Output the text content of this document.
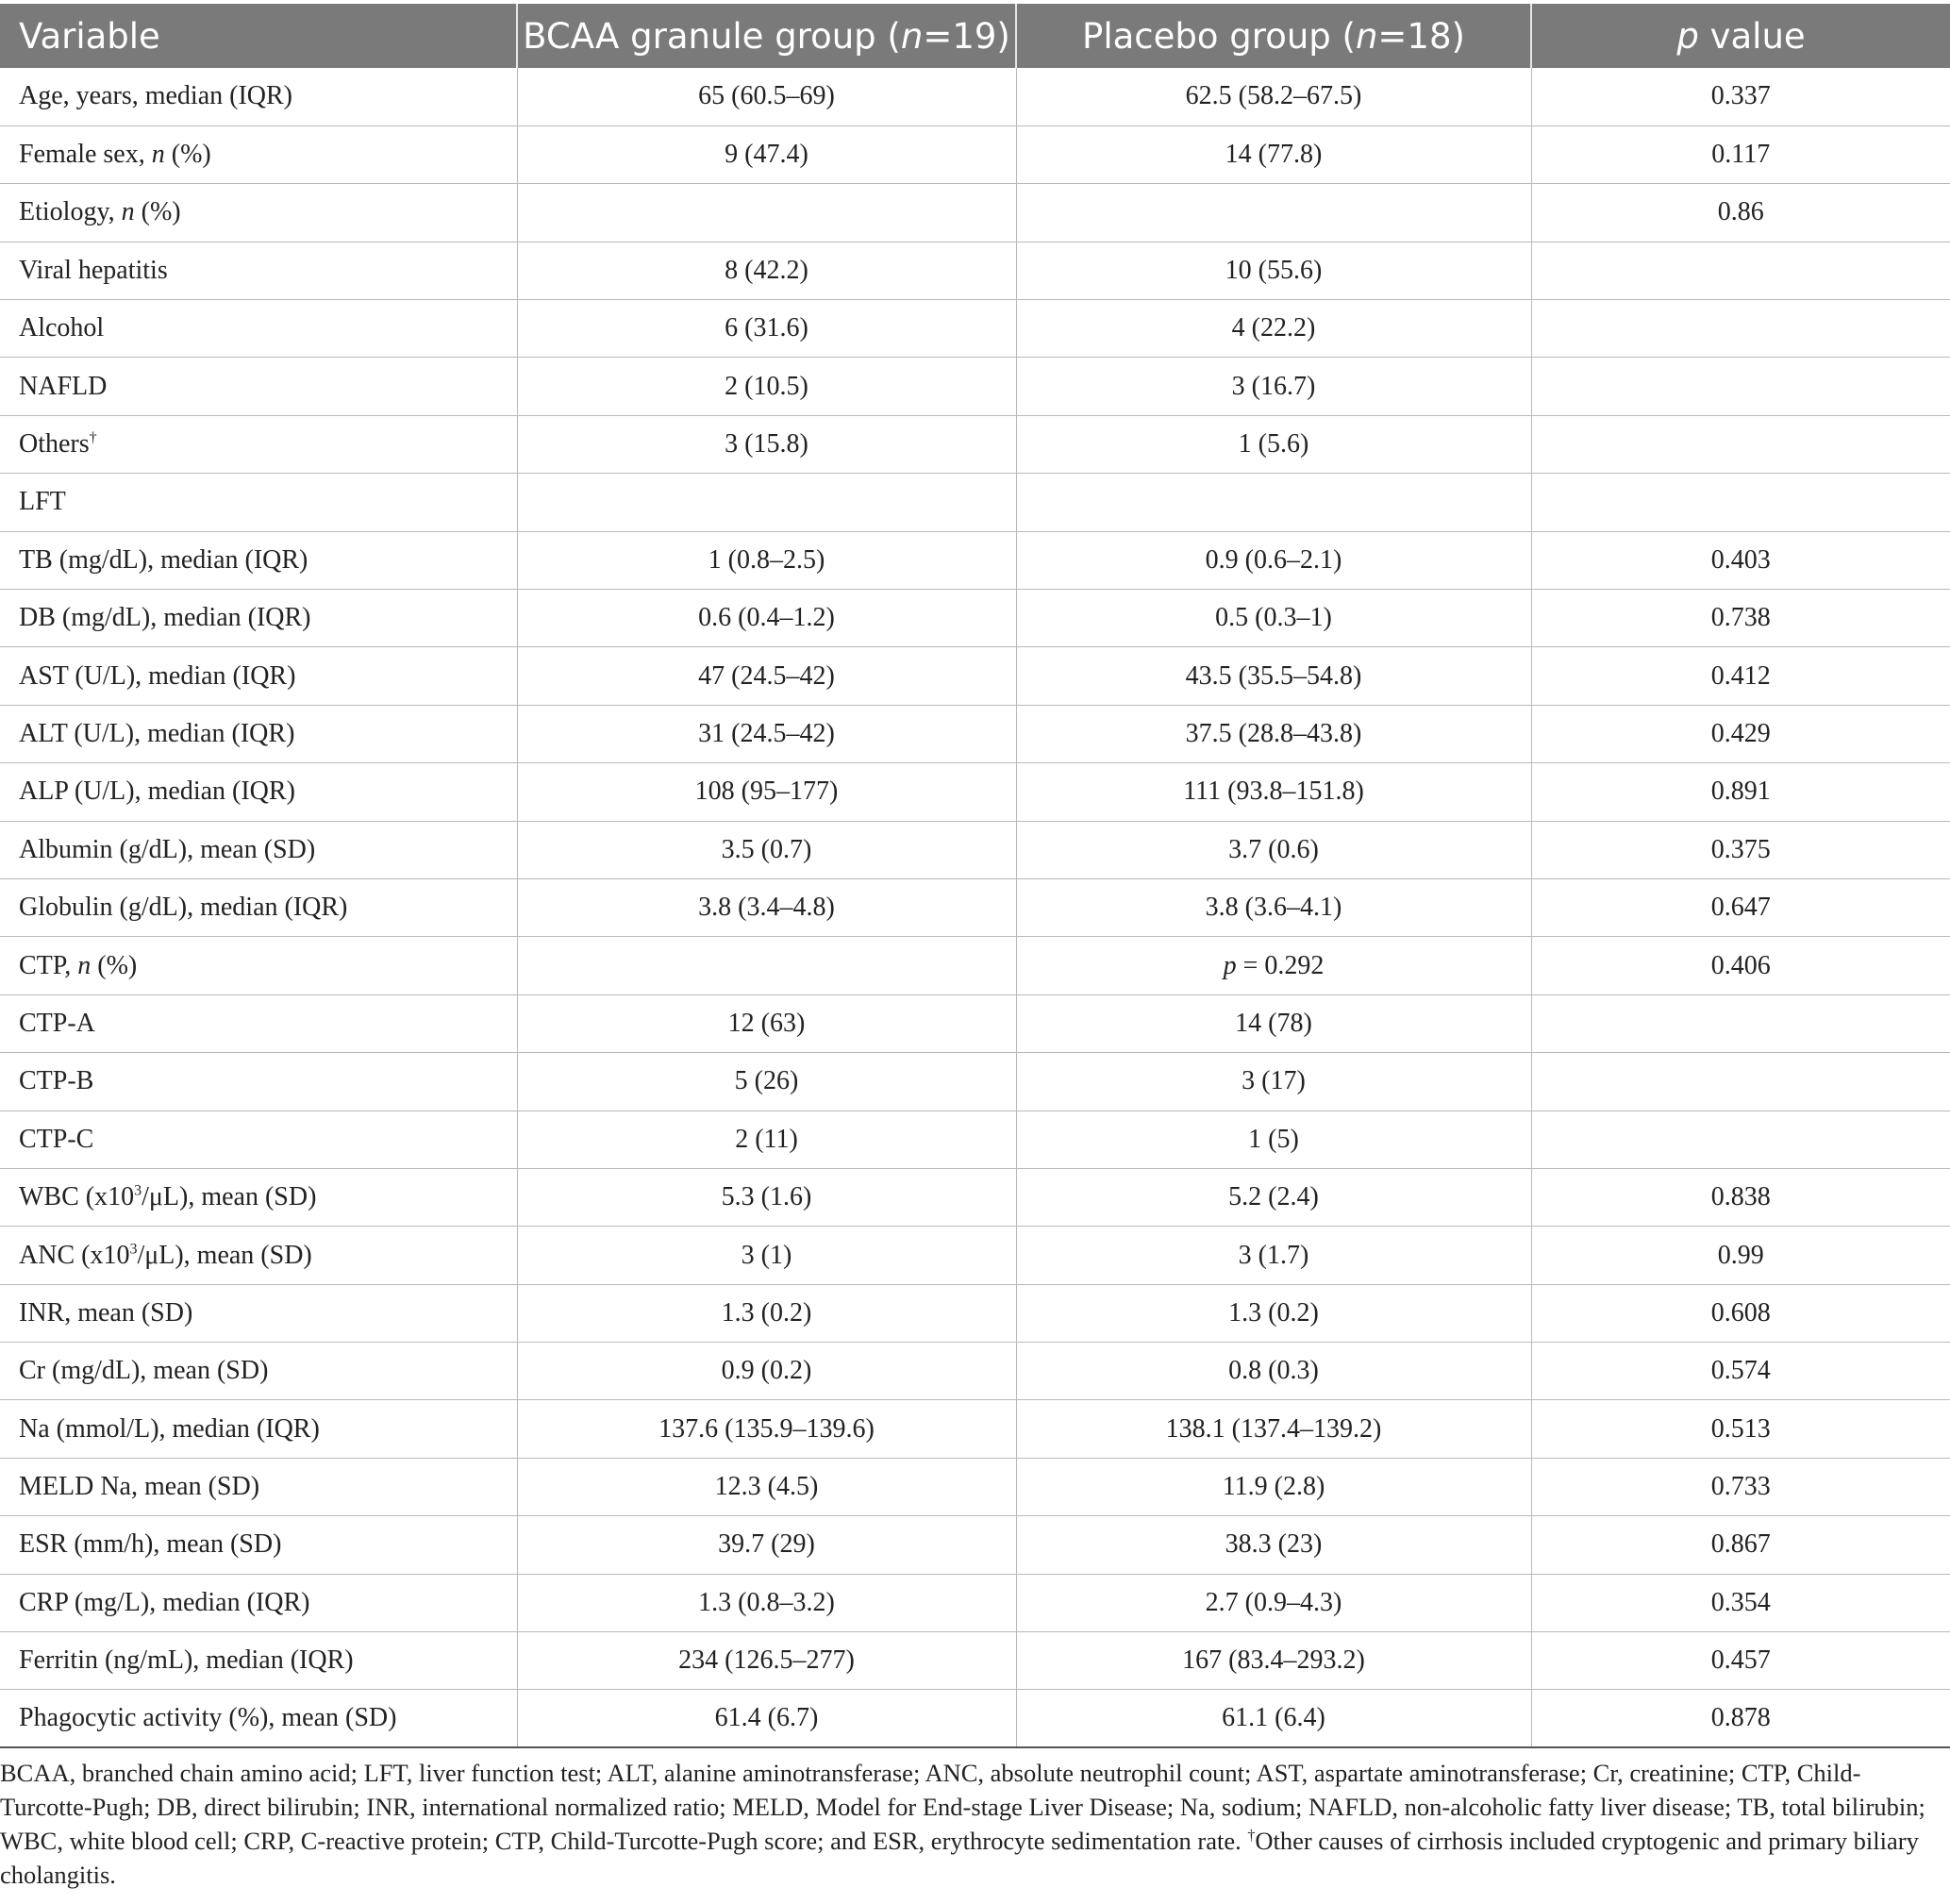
Variable	BCAA granule group (n=19)	Placebo group (n=18)	p value
Age, years, median (IQR)	65 (60.5–69)	62.5 (58.2–67.5)	0.337
Female sex, n (%)	9 (47.4)	14 (77.8)	0.117
Etiology, n (%)			0.86
Viral hepatitis	8 (42.2)	10 (55.6)	
Alcohol	6 (31.6)	4 (22.2)	
NAFLD	2 (10.5)	3 (16.7)	
Others†	3 (15.8)	1 (5.6)	
LFT			
TB (mg/dL), median (IQR)	1 (0.8–2.5)	0.9 (0.6–2.1)	0.403
DB (mg/dL), median (IQR)	0.6 (0.4–1.2)	0.5 (0.3–1)	0.738
AST (U/L), median (IQR)	47 (24.5–42)	43.5 (35.5–54.8)	0.412
ALT (U/L), median (IQR)	31 (24.5–42)	37.5 (28.8–43.8)	0.429
ALP (U/L), median (IQR)	108 (95–177)	111 (93.8–151.8)	0.891
Albumin (g/dL), mean (SD)	3.5 (0.7)	3.7 (0.6)	0.375
Globulin (g/dL), median (IQR)	3.8 (3.4–4.8)	3.8 (3.6–4.1)	0.647
CTP, n (%)		p = 0.292	0.406
CTP-A	12 (63)	14 (78)	
CTP-B	5 (26)	3 (17)	
CTP-C	2 (11)	1 (5)	
WBC $(x10^3/\mu L)$, mean (SD)	5.3 (1.6)	5.2 (2.4)	0.838
ANC $(x10^3/\mu L)$, mean (SD)	3 (1)	3 (1.7)	0.99
INR, mean (SD)	1.3 (0.2)	1.3 (0.2)	0.608
Cr (mg/dL), mean (SD)	0.9 (0.2)	0.8 (0.3)	0.574
Na (mmol/L), median (IQR)	137.6 (135.9–139.6)	138.1 (137.4–139.2)	0.513
MELD Na, mean (SD)	12.3 (4.5)	11.9 (2.8)	0.733
ESR (mm/h), mean (SD)	39.7 (29)	38.3 (23)	0.867
CRP (mg/L), median (IQR)	1.3 (0.8–3.2)	2.7 (0.9–4.3)	0.354
Ferritin (ng/mL), median (IQR)	234 (126.5–277)	167 (83.4–293.2)	0.457
Phagocytic activity (%), mean (SD)	61.4 (6.7)	61.1 (6.4)	0.878

BCAA, branched chain amino acid; LFT, liver function test; ALT, alanine aminotransferase; ANC, absolute neutrophil count; AST, aspartate aminotransferase; Cr, creatinine; CTP, Child-Turcotte-Pugh; DB, direct bilirubin; INR, international normalized ratio; MELD, Model for End-stage Liver Disease; Na, sodium; NAFLD, non-alcoholic fatty liver disease; TB, total bilirubin; WBC, white blood cell; CRP, C-reactive protein; CTP, Child-Turcotte-Pugh score; and ESR, erythrocyte sedimentation rate. †Other causes of cirrhosis included cryptogenic and primary biliary cholangitis.
